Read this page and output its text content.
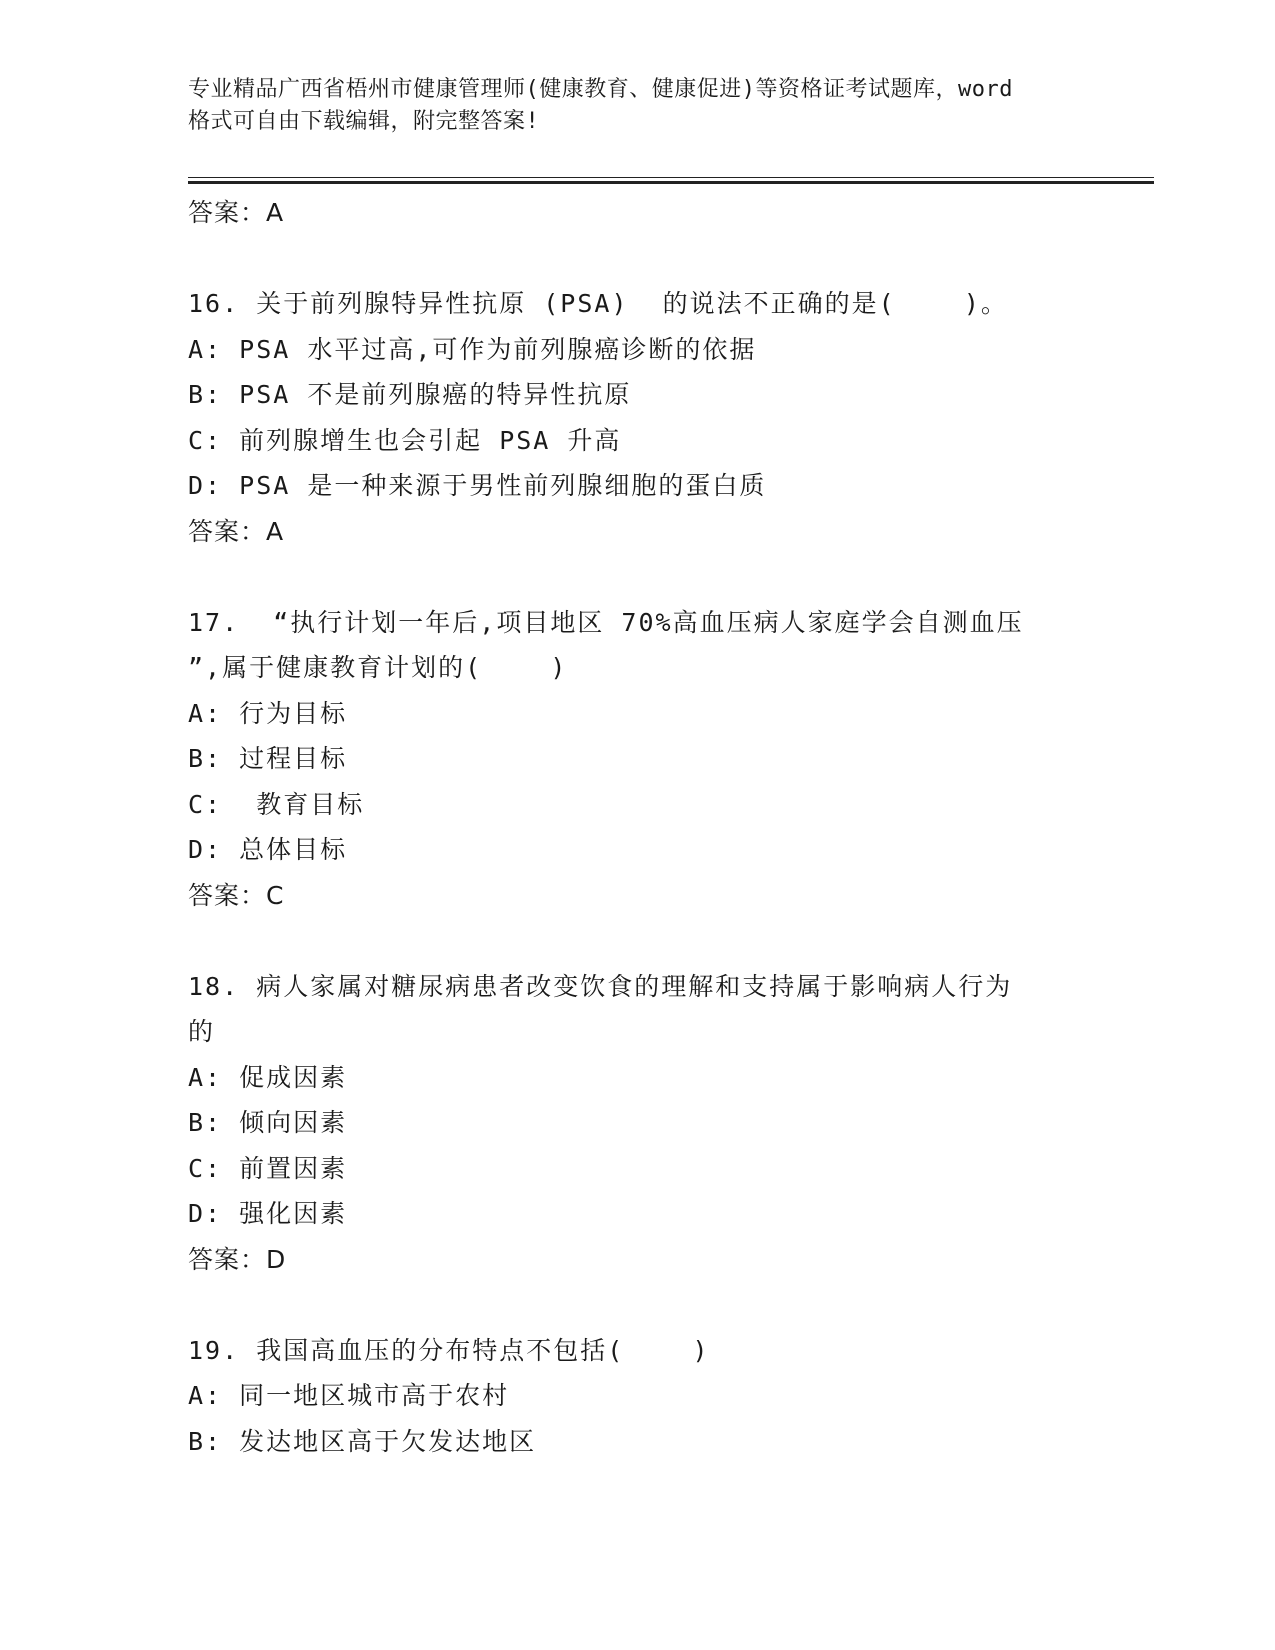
专业精品广西省梧州市健康管理师(健康教育、健康促进)等资格证考试题库，word
格式可自由下载编辑，附完整答案!
答案：A
16. 关于前列腺特异性抗原 (PSA)  的说法不正确的是(    )。
A: PSA 水平过高,可作为前列腺癌诊断的依据
B: PSA 不是前列腺癌的特异性抗原
C: 前列腺增生也会引起 PSA 升高
D: PSA 是一种来源于男性前列腺细胞的蛋白质
答案：A
17.  “执行计划一年后,项目地区 70%高血压病人家庭学会自测血压
”,属于健康教育计划的(    )
A: 行为目标
B: 过程目标
C:  教育目标
D: 总体目标
答案：C
18. 病人家属对糖尿病患者改变饮食的理解和支持属于影响病人行为
的
A: 促成因素
B: 倾向因素
C: 前置因素
D: 强化因素
答案：D
19. 我国高血压的分布特点不包括(    )
A: 同一地区城市高于农村
B: 发达地区高于欠发达地区
